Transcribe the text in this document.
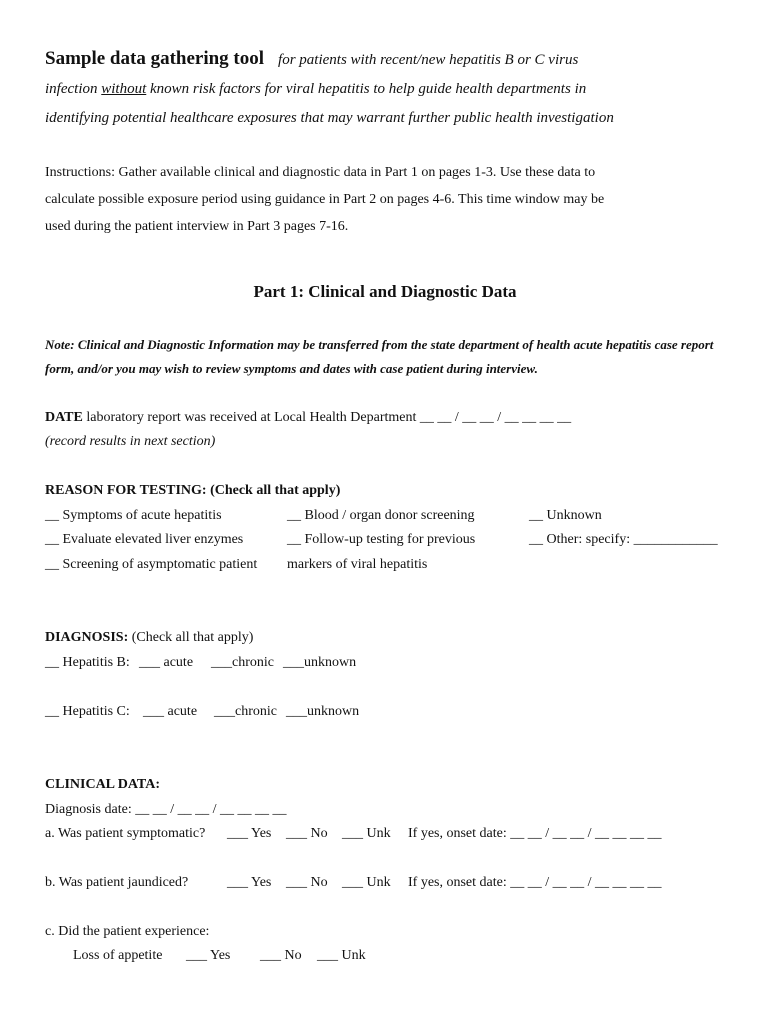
Sample data gathering tool for patients with recent/new hepatitis B or C virus
infection without known risk factors for viral hepatitis to help guide health departments in
identifying potential healthcare exposures that may warrant further public health investigation
Instructions: Gather available clinical and diagnostic data in Part 1 on pages 1-3. Use these data to
calculate possible exposure period using guidance in Part 2 on pages 4-6. This time window may be
used during the patient interview in Part 3 pages 7-16.
Part 1: Clinical and Diagnostic Data
Note: Clinical and Diagnostic Information may be transferred from the state department of health acute hepatitis case report
form, and/or you may wish to review symptoms and dates with case patient during interview.
DATE laboratory report was received at Local Health Department __ __ / __ __ / __ __ __ __
(record results in next section)
REASON FOR TESTING: (Check all that apply)
__ Symptoms of acute hepatitis
__ Evaluate elevated liver enzymes
__ Screening of asymptomatic patient
__ Blood / organ donor screening
__ Follow-up testing for previous
markers of viral hepatitis
__ Unknown
__ Other: specify: ____________
DIAGNOSIS: (Check all that apply)
__ Hepatitis B: ___ acute ___chronic ___unknown
__ Hepatitis C: ___ acute ___chronic ___unknown
CLINICAL DATA:
Diagnosis date: __ __ / __ __ / __ __ __ __
a. Was patient symptomatic? ___ Yes ___ No ___ Unk If yes, onset date: __ __ / __ __ / __ __ __ __
b. Was patient jaundiced?	___ Yes ___ No ___ Unk If yes, onset date: __ __ / __ __ / __ __ __ __
c. Did the patient experience:
Loss of appetite ___ Yes ___ No ___ Unk
